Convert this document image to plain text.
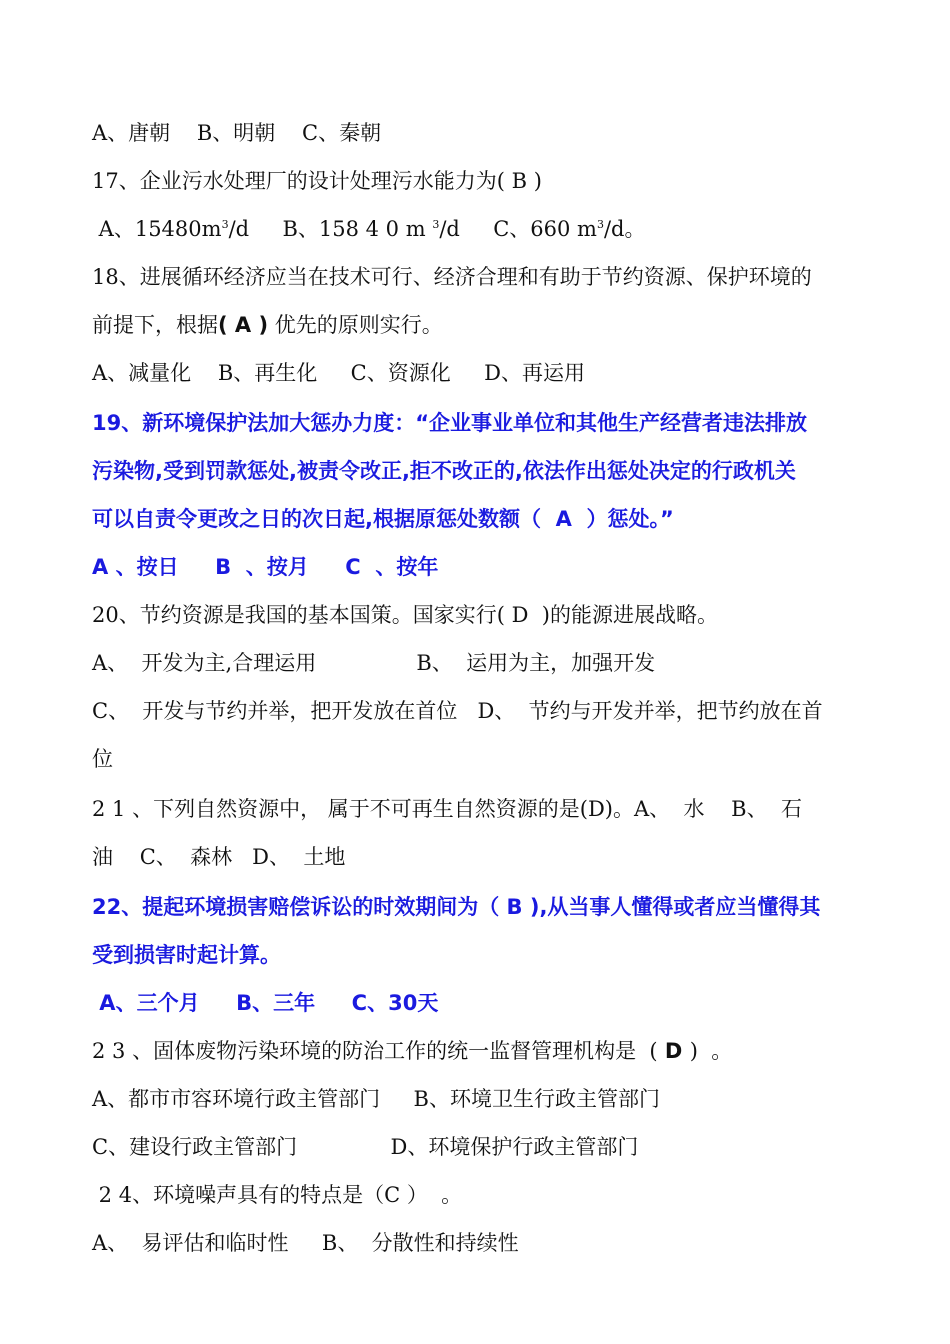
A、唐朝    B、明朝    C、秦朝
17、企业污水处理厂的设计处理污水能力为( B )
A、$15480m^3/d$     B、158 4 0 m $^3$/d     C、660 $m^3/d$。
18、进展循环经济应当在技术可行、经济合理和有助于节约资源、保护环境的
前提下，根据( A ) 优先的原则实行。
A、减量化    B、再生化     C、资源化     D、再运用
19、新环境保护法加大惩办力度：“企业事业单位和其他生产经营者违法排放
污染物,受到罚款惩处,被责令改正,拒不改正的,依法作出惩处决定的行政机关
可以自责令更改之日的次日起,根据原惩处数额（  A  ）惩处。”
A 、按日     B  、按月     C  、按年
20、节约资源是我国的基本国策。国家实行( D  )的能源进展战略。
A、  开发为主,合理运用               B、  运用为主，加强开发
C、  开发与节约并举，把开发放在首位   D、  节约与开发并举，把节约放在首
位
2 1 、下列自然资源中， 属于不可再生自然资源的是(D)。A、  水    B、  石
油    C、  森林   D、  土地
22、提起环境损害赔偿诉讼的时效期间为（ B ),从当事人懂得或者应当懂得其
受到损害时起计算。
A、三个月     B、三年     C、30天
2 3 、固体废物污染环境的防治工作的统一监督管理机构是  ( D )  。
A、都市市容环境行政主管部门     B、环境卫生行政主管部门
C、建设行政主管部门              D、环境保护行政主管部门
2 4、环境噪声具有的特点是（C ）  。
A、  易评估和临时性     B、  分散性和持续性
